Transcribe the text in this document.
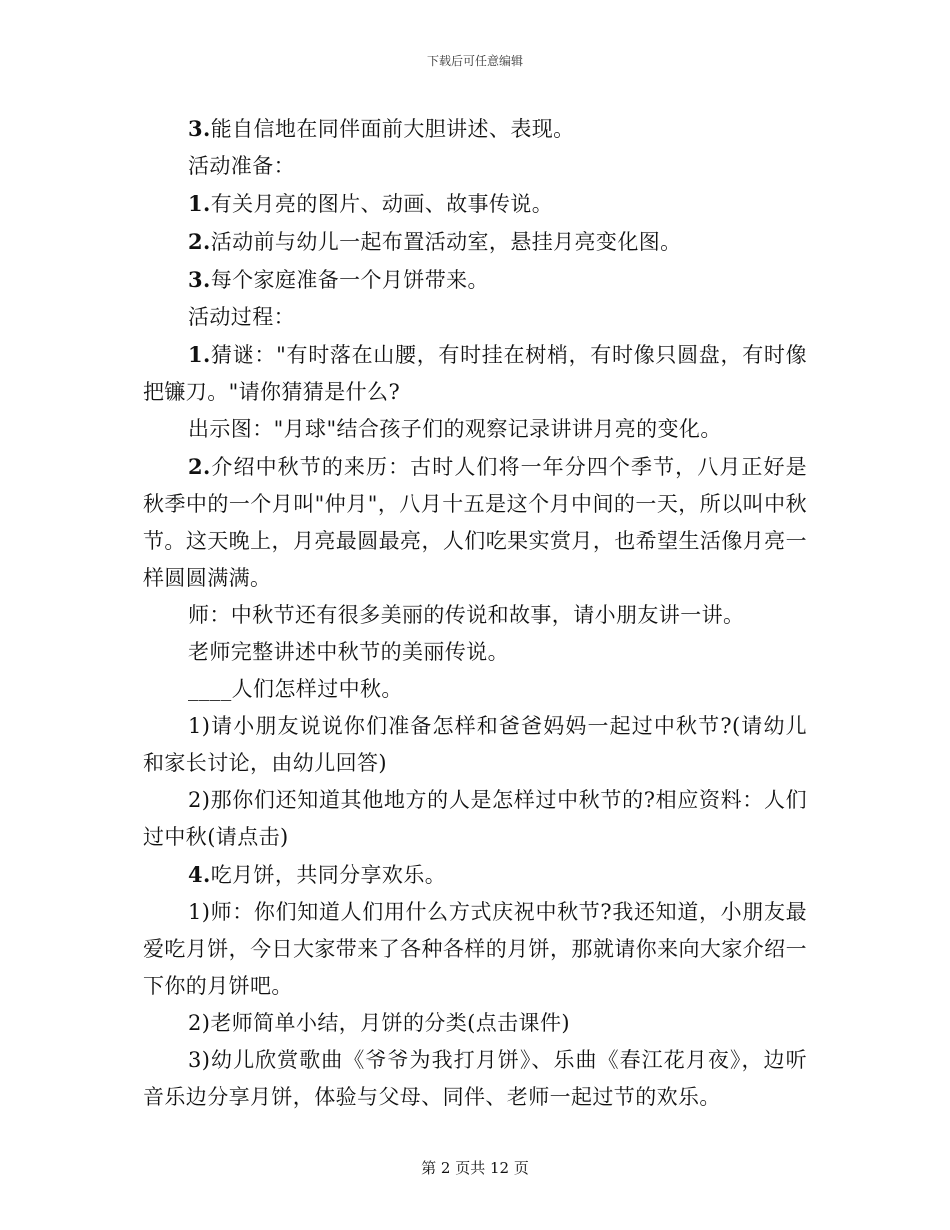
下载后可任意编辑

3.能自信地在同伴面前大胆讲述、表现。

活动准备：

1.有关月亮的图片、动画、故事传说。

2.活动前与幼儿一起布置活动室，悬挂月亮变化图。

3.每个家庭准备一个月饼带来。

活动过程：

1.猜谜："有时落在山腰，有时挂在树梢，有时像只圆盘，有时像把镰刀。"请你猜猜是什么?

出示图："月球"结合孩子们的观察记录讲讲月亮的变化。

2.介绍中秋节的来历：古时人们将一年分四个季节，八月正好是秋季中的一个月叫"仲月"，八月十五是这个月中间的一天，所以叫中秋节。这天晚上，月亮最圆最亮，人们吃果实赏月，也希望生活像月亮一样圆圆满满。

师：中秋节还有很多美丽的传说和故事，请小朋友讲一讲。

老师完整讲述中秋节的美丽传说。

____人们怎样过中秋。

1)请小朋友说说你们准备怎样和爸爸妈妈一起过中秋节?(请幼儿和家长讨论，由幼儿回答)

2)那你们还知道其他地方的人是怎样过中秋节的?相应资料：人们过中秋(请点击)

4.吃月饼，共同分享欢乐。

1)师：你们知道人们用什么方式庆祝中秋节?我还知道，小朋友最爱吃月饼，今日大家带来了各种各样的月饼，那就请你来向大家介绍一下你的月饼吧。

2)老师简单小结，月饼的分类(点击课件)

3)幼儿欣赏歌曲《爷爷为我打月饼》、乐曲《春江花月夜》，边听音乐边分享月饼，体验与父母、同伴、老师一起过节的欢乐。

第 2 页共 12 页
